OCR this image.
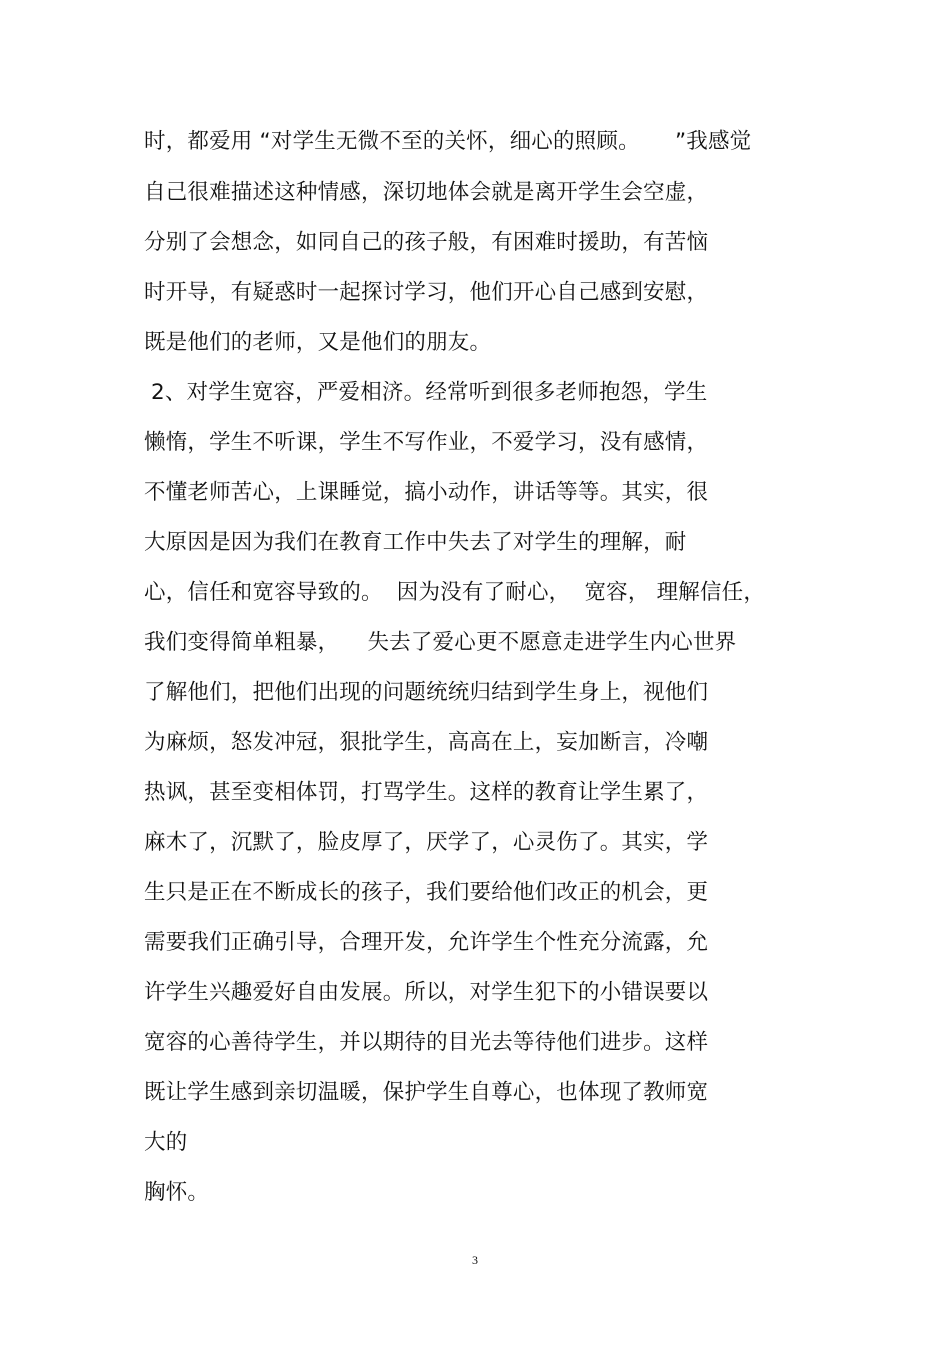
时，都爱用 “对学生无微不至的关怀，细心的照顾。     ”我感觉
自己很难描述这种情感，深切地体会就是离开学生会空虚，
分别了会想念，如同自己的孩子般，有困难时援助，有苦恼
时开导，有疑惑时一起探讨学习，他们开心自己感到安慰，
既是他们的老师，又是他们的朋友。
2、对学生宽容，严爱相济。经常听到很多老师抱怨，学生
懒惰，学生不听课，学生不写作业，不爱学习，没有感情，
不懂老师苦心，上课睡觉，搞小动作，讲话等等。其实，很
大原因是因为我们在教育工作中失去了对学生的理解，耐
心，信任和宽容导致的。  因为没有了耐心，  宽容， 理解信任，
我们变得简单粗暴，    失去了爱心更不愿意走进学生内心世界
了解他们，把他们出现的问题统统归结到学生身上，视他们
为麻烦，怒发冲冠，狠批学生，高高在上，妄加断言，冷嘲
热讽，甚至变相体罚，打骂学生。这样的教育让学生累了，
麻木了，沉默了，脸皮厚了，厌学了，心灵伤了。其实，学
生只是正在不断成长的孩子，我们要给他们改正的机会，更
需要我们正确引导，合理开发，允许学生个性充分流露，允
许学生兴趣爱好自由发展。所以，对学生犯下的小错误要以
宽容的心善待学生，并以期待的目光去等待他们进步。这样
既让学生感到亲切温暖，保护学生自尊心，也体现了教师宽
大的
胸怀。
3
